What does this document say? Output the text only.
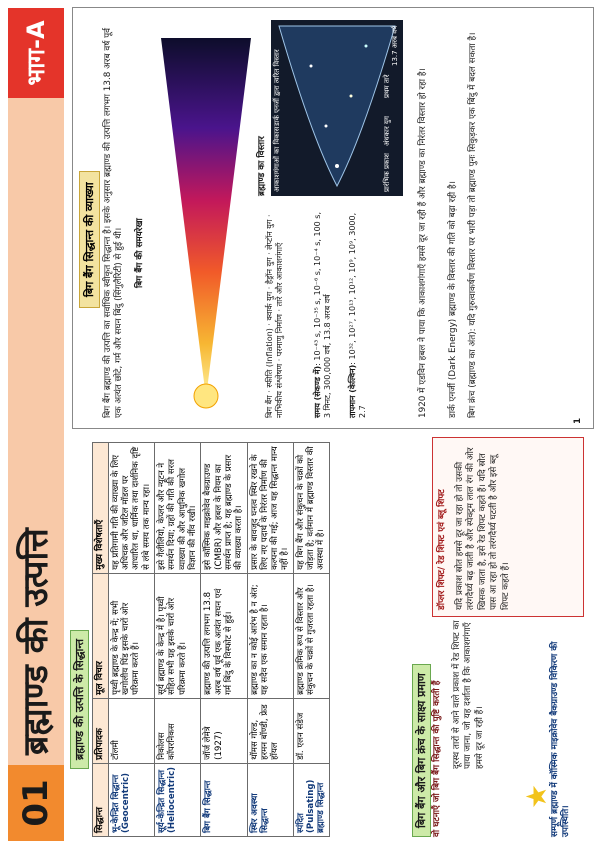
01
ब्रह्माण्ड की उत्पत्ति
भाग-A
ब्रह्माण्ड की उत्पत्ति के सिद्धान्त
सिद्धान्त	प्रतिपादक	मूल विचार	मुख्य विशेषताएँ
भू-केन्द्रित सिद्धान्त (Geocentric)	टॉलमी	पृथ्वी ब्रह्माण्ड के केन्द्र में; सभी खगोलीय पिंड इसके चारों ओर परिक्रमा करते हैं।	यह प्रतिगामी गति की व्याख्या के लिए अधिचक्र और जटिल मॉडल पर आधारित था, धार्मिक तथा दार्शनिक दृष्टि से लंबे समय तक मान्य रहा।
सूर्य-केन्द्रित सिद्धान्त (Heliocentric)	निकोलस कॉपरनिकस	सूर्य ब्रह्माण्ड के केन्द्र में है। पृथ्वी सहित सभी ग्रह इसके चारों ओर परिक्रमा करते हैं।	इसे गैलीलियो, केप्लर और न्यूटन ने समर्थन दिया; ग्रहों की गति की सरल व्याख्या की और आधुनिक खगोल विज्ञान की नींव रखी।
बिग बैंग सिद्धान्त	जॉर्ज लेमेत्रे (1927)	ब्रह्माण्ड की उत्पत्ति लगभग 13.8 अरब वर्ष पूर्व एक अत्यंत सघन एवं गर्म बिंदु के विस्फोट से हुई।	इसे कॉस्मिक माइक्रोवेव बैकग्राउण्ड (CMBR) और हबल के नियम का समर्थन प्राप्त है; यह ब्रह्माण्ड के प्रसार की व्याख्या करता है।
स्थिर अवस्था सिद्धान्त	थॉमस गोल्ड, हरमन बॉण्डी, फ्रेड हॉयल	ब्रह्माण्ड का न कोई आरंभ है न अंत; यह सदैव एक समान रहता है।	प्रसार के बावजूद घनत्व स्थिर रखने के लिए नए पदार्थ के निरंतर निर्माण की कल्पना की गई; आज यह सिद्धान्त मान्य नहीं है।
स्पंदित (Pulsating) ब्रह्माण्ड सिद्धान्त	डॉ. एलन संडेज	ब्रह्माण्ड क्रमिक रूप से विस्तार और संकुचन के चक्रों से गुजरता रहता है।	यह बिग बैंग और संकुचन के चक्रों को जोड़ता है; वर्तमान में ब्रह्माण्ड विस्तार की अवस्था में है।
बिग बैंग और बिग क्रंच के साक्ष्य प्रमाण वो घटनाएँ जो बिग बैंग सिद्धान्त की पुष्टि करती हैं	★
दूरस्थ तारों से आने वाले प्रकाश में रेड शिफ्ट का पाया जाना, जो यह दर्शाता है कि आकाशगंगाएँ हमसे दूर जा रही हैं।	सम्पूर्ण ब्रह्माण्ड में कॉस्मिक माइक्रोवेव बैकग्राउण्ड विकिरण की उपस्थिति।
डॉप्लर शिफ्ट/ रेड शिफ्ट एवं ब्लू शिफ्ट यदि प्रकाश स्रोत हमसे दूर जा रहा हो तो उसकी तरंगदैर्ध्य बढ़ जाती है और स्पेक्ट्रम लाल रंग की ओर खिसक जाता है, इसे रेड शिफ्ट कहते हैं। यदि स्रोत पास आ रहा हो तो तरंगदैर्ध्य घटती है और इसे ब्लू शिफ्ट कहते हैं।
बिग बैंग सिद्धान्त की व्याख्या बिग बैंग ब्रह्माण्ड की उत्पत्ति का सर्वाधिक स्वीकृत सिद्धान्त है। इसके अनुसार ब्रह्माण्ड की उत्पत्ति लगभग 13.8 अरब वर्ष पूर्व एक अत्यंत छोटे, गर्म और सघन बिंदु (सिंगुलैरिटी) से हुई थी। बिग बैंग की समयरेखा
बिग बैंग · स्फीति (Inflation) · क्वार्क युग · हैड्रॉन युग · लेप्टॉन युग · नाभिकीय संश्लेषण · परमाणु निर्माण · तारे और आकाशगंगाएँ
समय (सेकण्ड में): 10⁻⁴³ s, 10⁻³⁵ s, 10⁻⁶ s, 10⁻⁴ s, 100 s, 3 मिनट, 300,000 वर्ष, 13.8 अरब वर्ष
तापमान (केल्विन): 10³², 10²⁷, 10¹³, 10¹², 10⁹, 10⁹, 3000, 2.7
ब्रह्माण्ड का विस्तार	प्रारंभिक प्रकाश
अंधकार युग
प्रथम तारे
आकाशगंगाओं का विकास
डार्क एनर्जी द्वारा त्वरित विस्तार
13.7 अरब वर्ष
1920 में एडविन हबल ने पाया कि आकाशगंगाएँ हमसे दूर जा रही हैं और ब्रह्माण्ड का निरंतर विस्तार हो रहा है। डार्क एनर्जी (Dark Energy) ब्रह्माण्ड के विस्तार की गति को बढ़ा रही है। बिग क्रंच (ब्रह्माण्ड का अंत): यदि गुरुत्वाकर्षण विस्तार पर भारी पड़ा तो ब्रह्माण्ड पुनः सिकुड़कर एक बिंदु में बदल सकता है।
1
